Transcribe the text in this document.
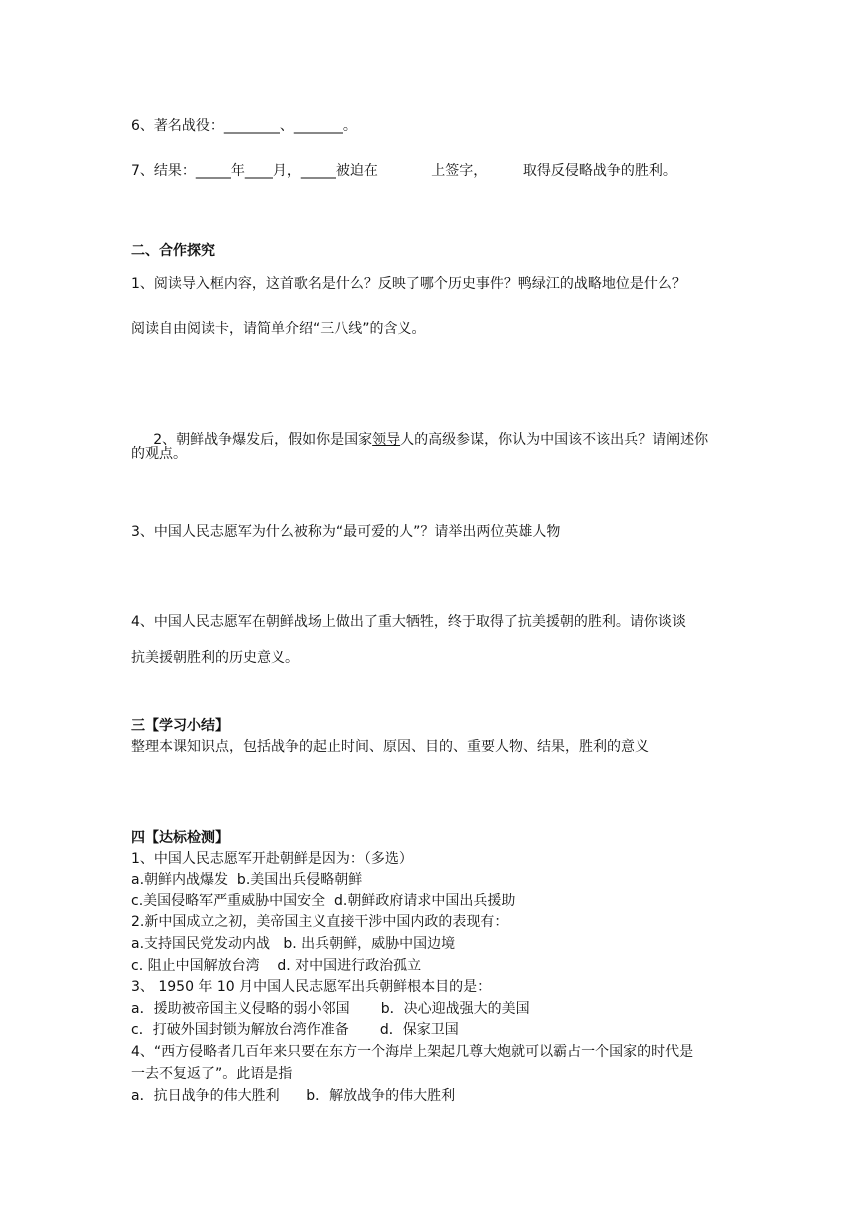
6、著名战役：________、_______。
7、结果：_____年____月，_____被迫在            上签字，        取得反侵略战争的胜利。
二、合作探究
1、阅读导入框内容，这首歌名是什么？反映了哪个历史事件？鸭绿江的战略地位是什么？
阅读自由阅读卡，请简单介绍“三八线”的含义。

2、朝鲜战争爆发后，假如你是国家领导人的高级参谋，你认为中国该不该出兵？请阐述你

的观点。
3、中国人民志愿军为什么被称为“最可爱的人”？请举出两位英雄人物
4、中国人民志愿军在朝鲜战场上做出了重大牺牲，终于取得了抗美援朝的胜利。请你谈谈
抗美援朝胜利的历史意义。
三【学习小结】
整理本课知识点，包括战争的起止时间、原因、目的、重要人物、结果，胜利的意义
四【达标检测】
1、中国人民志愿军开赴朝鲜是因为：（多选）
a.朝鲜内战爆发  b.美国出兵侵略朝鲜
c.美国侵略军严重威胁中国安全  d.朝鲜政府请求中国出兵援助
2.新中国成立之初，美帝国主义直接干涉中国内政的表现有：
a.支持国民党发动内战   b. 出兵朝鲜，威胁中国边境
c. 阻止中国解放台湾    d. 对中国进行政治孤立
3、 1950 年 10 月中国人民志愿军出兵朝鲜根本目的是：
a．援助被帝国主义侵略的弱小邻国       b．决心迎战强大的美国
c．打破外国封锁为解放台湾作准备       d．保家卫国
4、“西方侵略者几百年来只要在东方一个海岸上架起几尊大炮就可以霸占一个国家的时代是
一去不复返了”。此语是指
a．抗日战争的伟大胜利      b．解放战争的伟大胜利
